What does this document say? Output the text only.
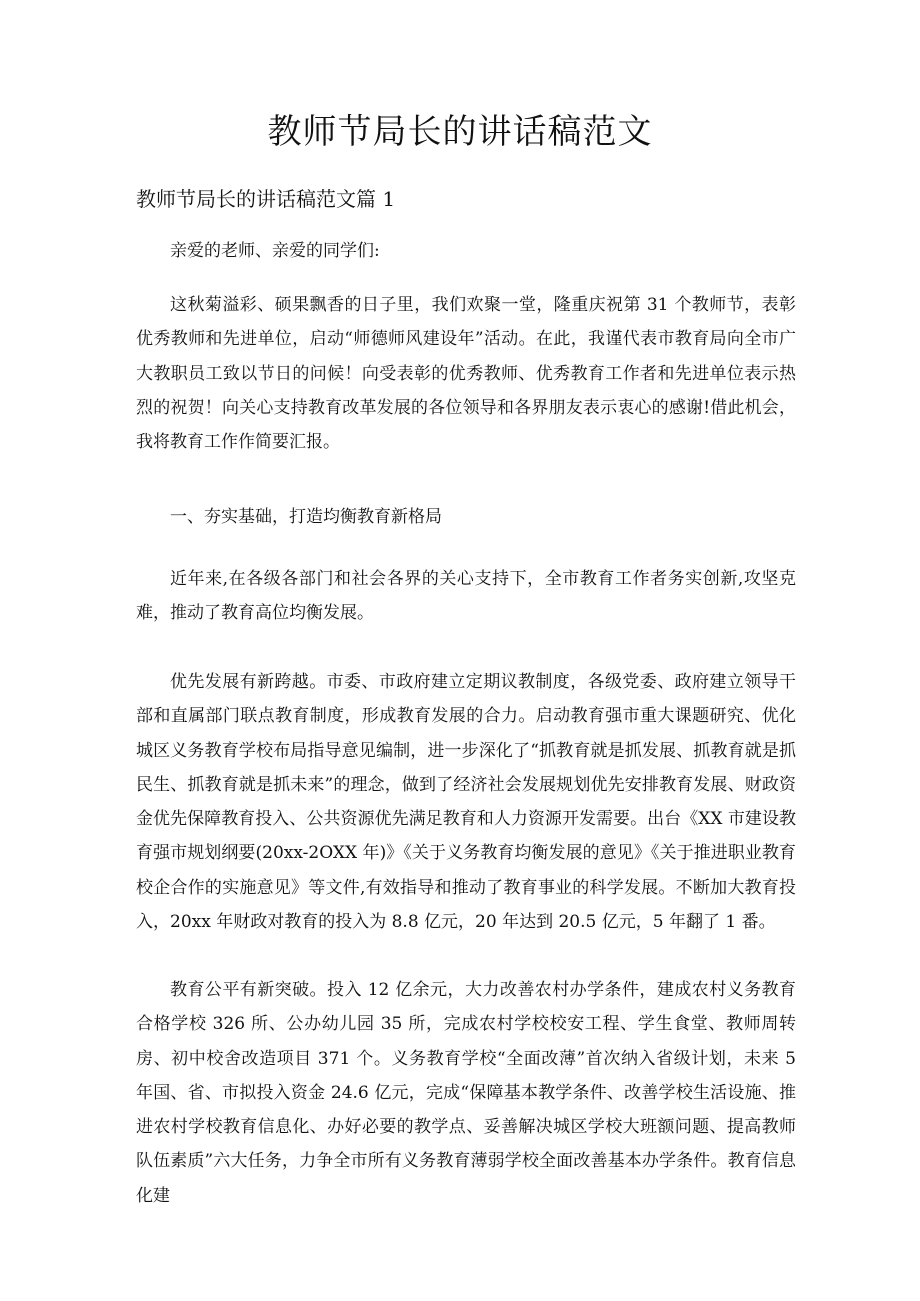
教师节局长的讲话稿范文
教师节局长的讲话稿范文篇 1

亲爱的老师、亲爱的同学们:

这秋菊溢彩、硕果飘香的日子里，我们欢聚一堂，隆重庆祝第 31 个教师节，表彰优秀教师和先进单位，启动“师德师风建设年”活动。在此，我谨代表市教育局向全市广大教职员工致以节日的问候！向受表彰的优秀教师、优秀教育工作者和先进单位表示热烈的祝贺！向关心支持教育改革发展的各位领导和各界朋友表示衷心的感谢!借此机会，我将教育工作作简要汇报。

一、夯实基础，打造均衡教育新格局

近年来,在各级各部门和社会各界的关心支持下，全市教育工作者务实创新,攻坚克难，推动了教育高位均衡发展。

优先发展有新跨越。市委、市政府建立定期议教制度，各级党委、政府建立领导干部和直属部门联点教育制度，形成教育发展的合力。启动教育强市重大课题研究、优化城区义务教育学校布局指导意见编制，进一步深化了“抓教育就是抓发展、抓教育就是抓民生、抓教育就是抓未来”的理念，做到了经济社会发展规划优先安排教育发展、财政资金优先保障教育投入、公共资源优先满足教育和人力资源开发需要。出台《XX 市建设教育强市规划纲要(20xx-2OXX 年)》《关于义务教育均衡发展的意见》《关于推进职业教育校企合作的实施意见》等文件,有效指导和推动了教育事业的科学发展。不断加大教育投入，20xx 年财政对教育的投入为 8.8 亿元，20 年达到 20.5 亿元，5 年翻了 1 番。

教育公平有新突破。投入 12 亿余元，大力改善农村办学条件，建成农村义务教育合格学校 326 所、公办幼儿园 35 所，完成农村学校校安工程、学生食堂、教师周转房、初中校舍改造项目 371 个。义务教育学校“全面改薄”首次纳入省级计划，未来 5 年国、省、市拟投入资金 24.6 亿元，完成“保障基本教学条件、改善学校生活设施、推进农村学校教育信息化、办好必要的教学点、妥善解决城区学校大班额问题、提高教师队伍素质”六大任务，力争全市所有义务教育薄弱学校全面改善基本办学条件。教育信息化建
